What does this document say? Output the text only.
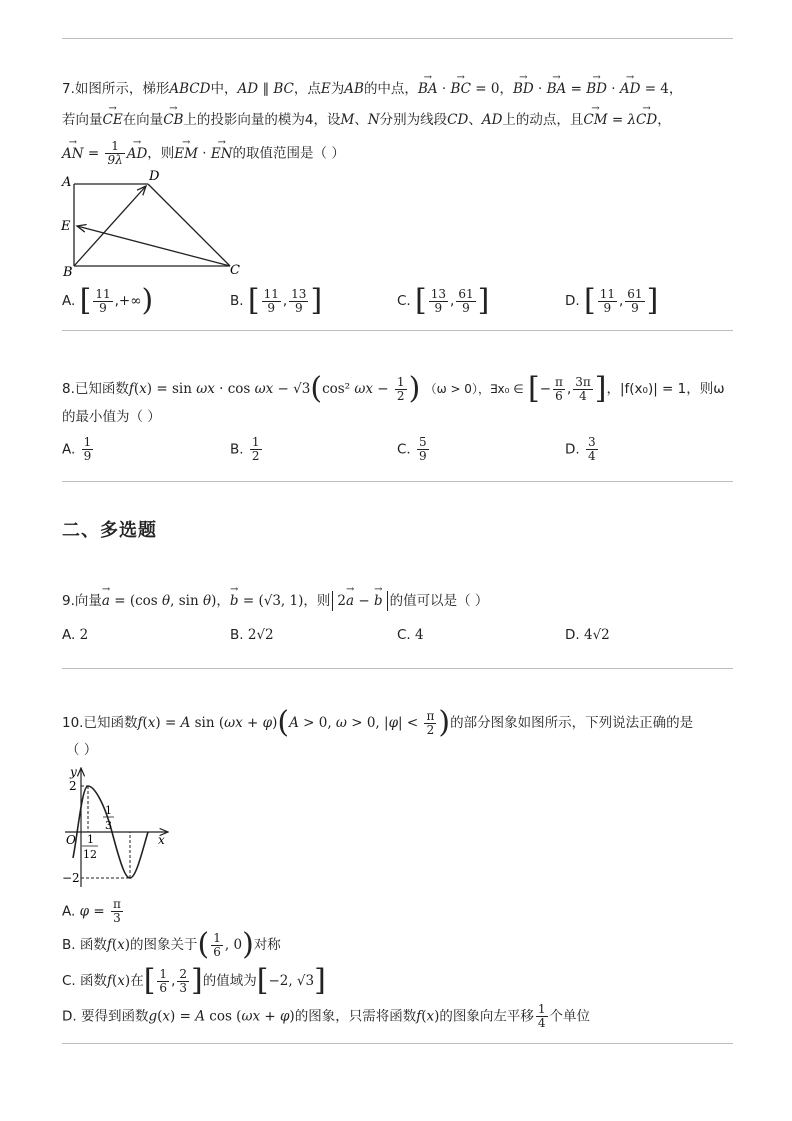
7.如图所示，梯形ABCD中，AD ∥ BC，点E为AB的中点，→ BA · → BC = 0，→ BD · → BA = → BD · → AD = 4，
若向量→ CE在向量→ CB上的投影向量的模为4，设M、N分别为线段CD、AD上的动点，且→ CM = λ→ CD，
→ AN = $\frac{1}{9\lambda}$
→ AD，则→ EM · → EN的取值范围是（ ）
A	D
E
B	C
A. [ $\frac{11}{9}$ ,+∞)	B. [ $\frac{11}{9}$ , $\frac{13}{9}$ ]	C. [ $\frac{13}{9}$ , $\frac{61}{9}$ ]	D. [ $\frac{11}{9}$ , $\frac{61}{9}$ ]
8.已知函数f(x) = sin ωx · cos ωx − √3(cos² $\omega x - \frac{1}{2}$ ) （ω > 0），∃x₀ ∈ [− $\frac{\pi}{6}$ , $\frac{3\pi}{4}$ ]，|f(x₀)| = 1，则ω
的最小值为（ ）
A. $\frac{1}{9}$	B. $\frac{1}{2}$	C. $\frac{5}{9}$	D. $\frac{3}{4}$
二、多选题
9.向量→ a = (cos θ, sin θ)，→ b = (√3, 1)，则 2→ a − → b 的值可以是（ ）
A. 2	B. 2√2	C. 4	D. 4√2
10.已知函数f(x) = A sin (ωx + φ)(A > 0, ω > 0, $|\varphi| < \frac{\pi}{2}$ )的部分图象如图所示，下列说法正确的是
（ ）
y
x
O
2
−2
1
3
1
12
A. $\varphi = \frac{\pi}{3}$
B. 函数f(x)的图象关于( $\frac{1}{6}$ , 0)对称
C. 函数f(x)在[ $\frac{1}{6}$ , $\frac{2}{3}$ ]的值域为[−2, √3]
D. 要得到函数g(x) = A cos (ωx + φ)的图象，只需将函数f(x)的图象向左平移 $\frac{1}{4}$ 个单位
